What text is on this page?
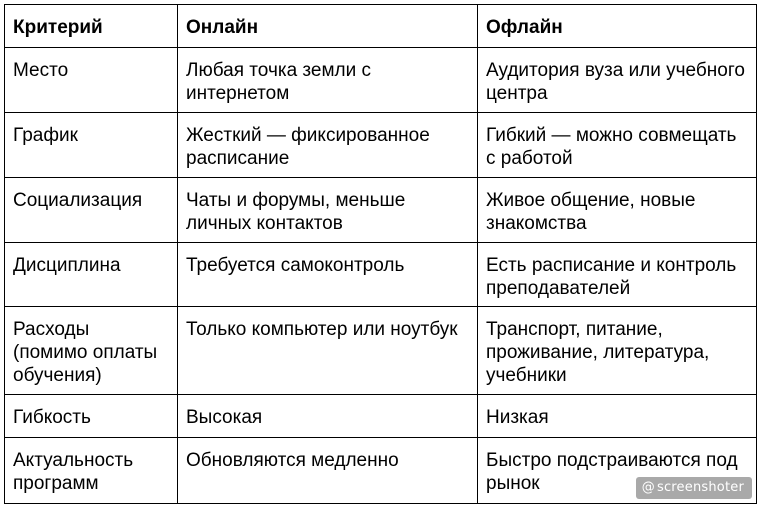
Критерий	Онлайн	Офлайн
Место	Любая точка земли с интернетом	Аудитория вуза или учебного центра
График	Жесткий — фиксированное расписание	Гибкий — можно совмещать с работой
Социализация	Чаты и форумы, меньше личных контактов	Живое общение, новые знакомства
Дисциплина	Требуется самоконтроль	Есть расписание и контроль преподавателей
Расходы (помимо оплаты обучения)	Только компьютер или ноутбук	Транспорт, питание, проживание, литература, учебники
Гибкость	Высокая	Низкая
Актуальность программ	Обновляются медленно	Быстро подстраиваются под рынок	@ screenshoter
